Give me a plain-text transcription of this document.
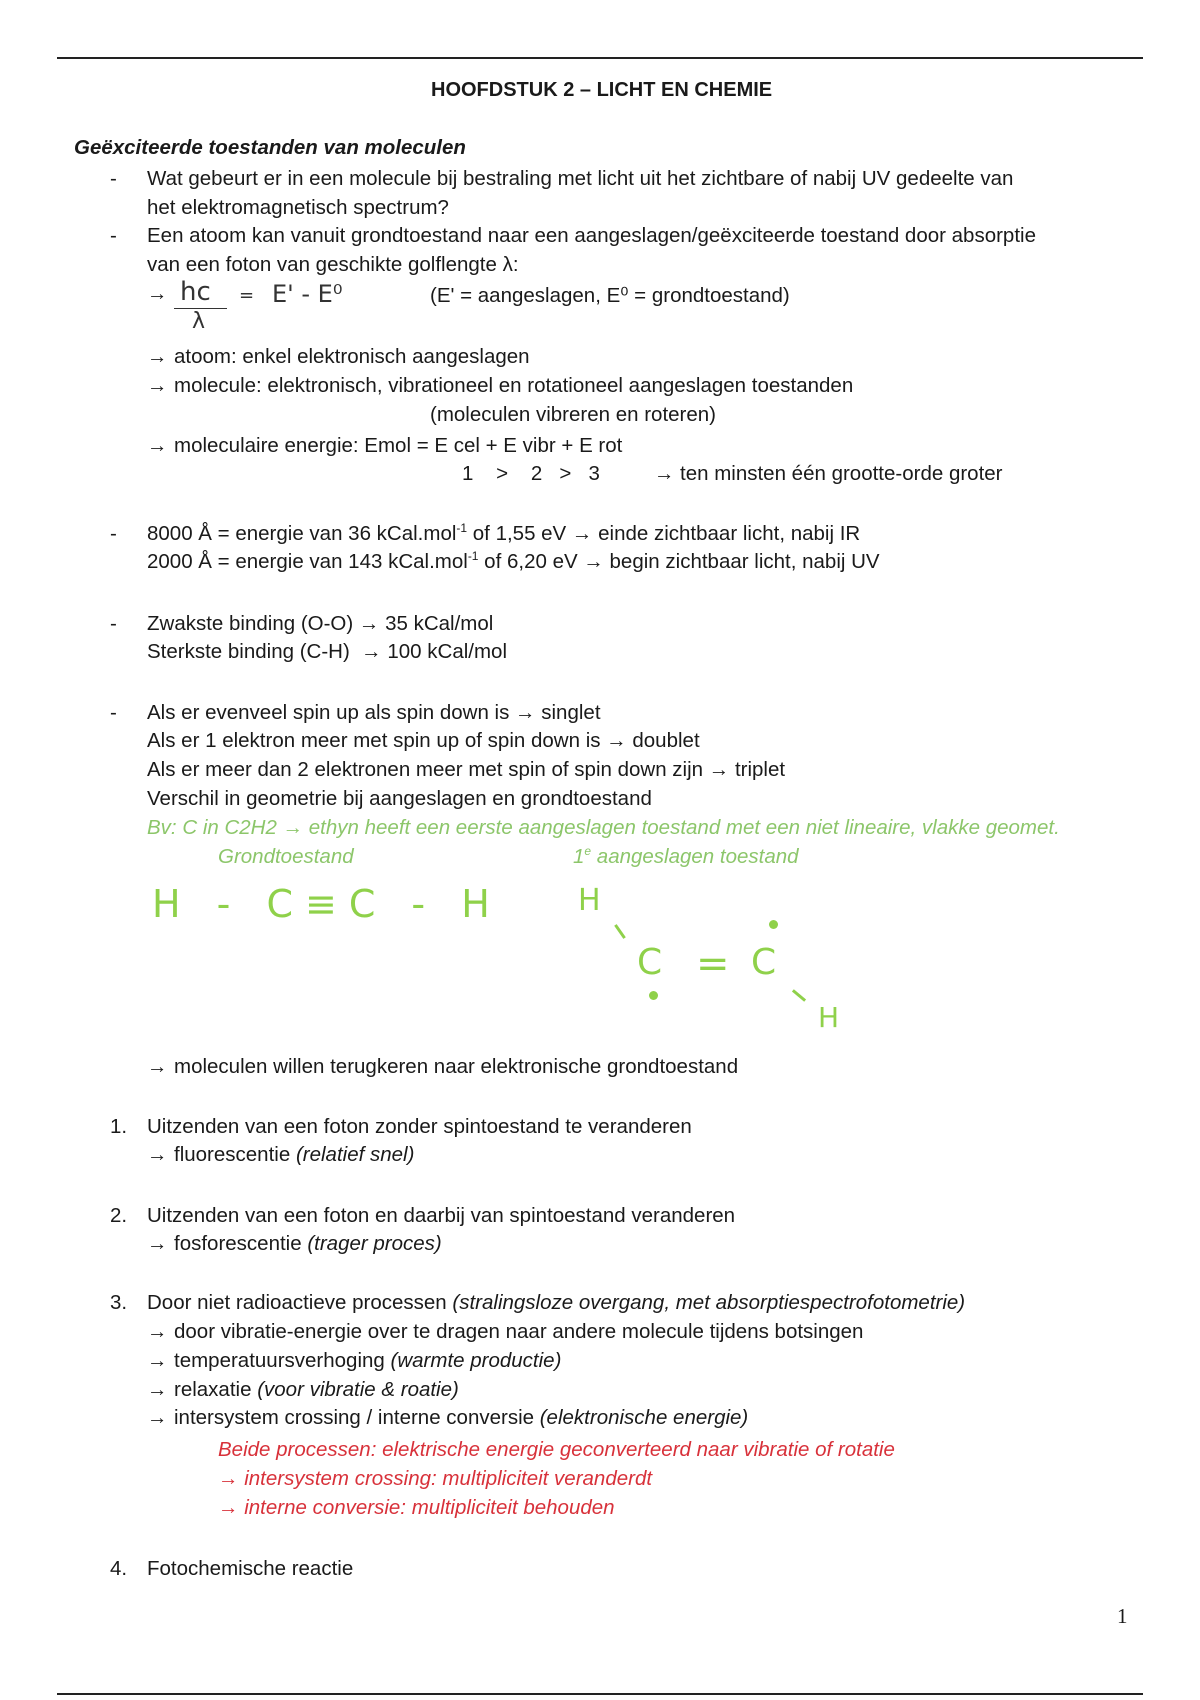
HOOFDSTUK 2 – LICHT EN CHEMIE
Geëxciteerde toestanden van moleculen
- Wat gebeurt er in een molecule bij bestraling met licht uit het zichtbare of nabij UV gedeelte van
het elektromagnetisch spectrum?
- Een atoom kan vanuit grondtoestand naar een aangeslagen/geëxciteerde toestand door absorptie
van een foton van geschikte golflengte λ:
→ hc
λ
= E' - E⁰	(E' = aangeslagen, E⁰ = grondtoestand)
→ atoom: enkel elektronisch aangeslagen
→ molecule: elektronisch, vibrationeel en rotationeel aangeslagen toestanden
(moleculen vibreren en roteren)
→ moleculaire energie: Emol = E cel + E vibr + E rot
1    >    2   >   3	→ ten minsten één grootte-orde groter
- 8000 Å = energie van 36 kCal.mol$^{-1}$ of 1,55 eV → einde zichtbaar licht, nabij IR
2000 Å = energie van 143 kCal.mol$^{-1}$ of 6,20 eV → begin zichtbaar licht, nabij UV
- Zwakste binding (O-O) → 35 kCal/mol
Sterkste binding (C-H)  → 100 kCal/mol
- Als er evenveel spin up als spin down is → singlet
Als er 1 elektron meer met spin up of spin down is → doublet
Als er meer dan 2 elektronen meer met spin of spin down zijn → triplet
Verschil in geometrie bij aangeslagen en grondtoestand
Bv: C in C2H2 → ethyn heeft een eerste aangeslagen toestand met een niet lineaire, vlakke geomet.
Grondtoestand	1e aangeslagen toestand
H - C≡C - H	H
C = C
H
→ moleculen willen terugkeren naar elektronische grondtoestand
1. Uitzenden van een foton zonder spintoestand te veranderen
→ fluorescentie (relatief snel)
2. Uitzenden van een foton en daarbij van spintoestand veranderen
→ fosforescentie (trager proces)
3. Door niet radioactieve processen (stralingsloze overgang, met absorptiespectrofotometrie)
→ door vibratie-energie over te dragen naar andere molecule tijdens botsingen
→ temperatuursverhoging (warmte productie)
→ relaxatie (voor vibratie & roatie)
→ intersystem crossing / interne conversie (elektronische energie)
Beide processen: elektrische energie geconverteerd naar vibratie of rotatie
→ intersystem crossing: multipliciteit veranderdt
→ interne conversie: multipliciteit behouden
4. Fotochemische reactie
1
